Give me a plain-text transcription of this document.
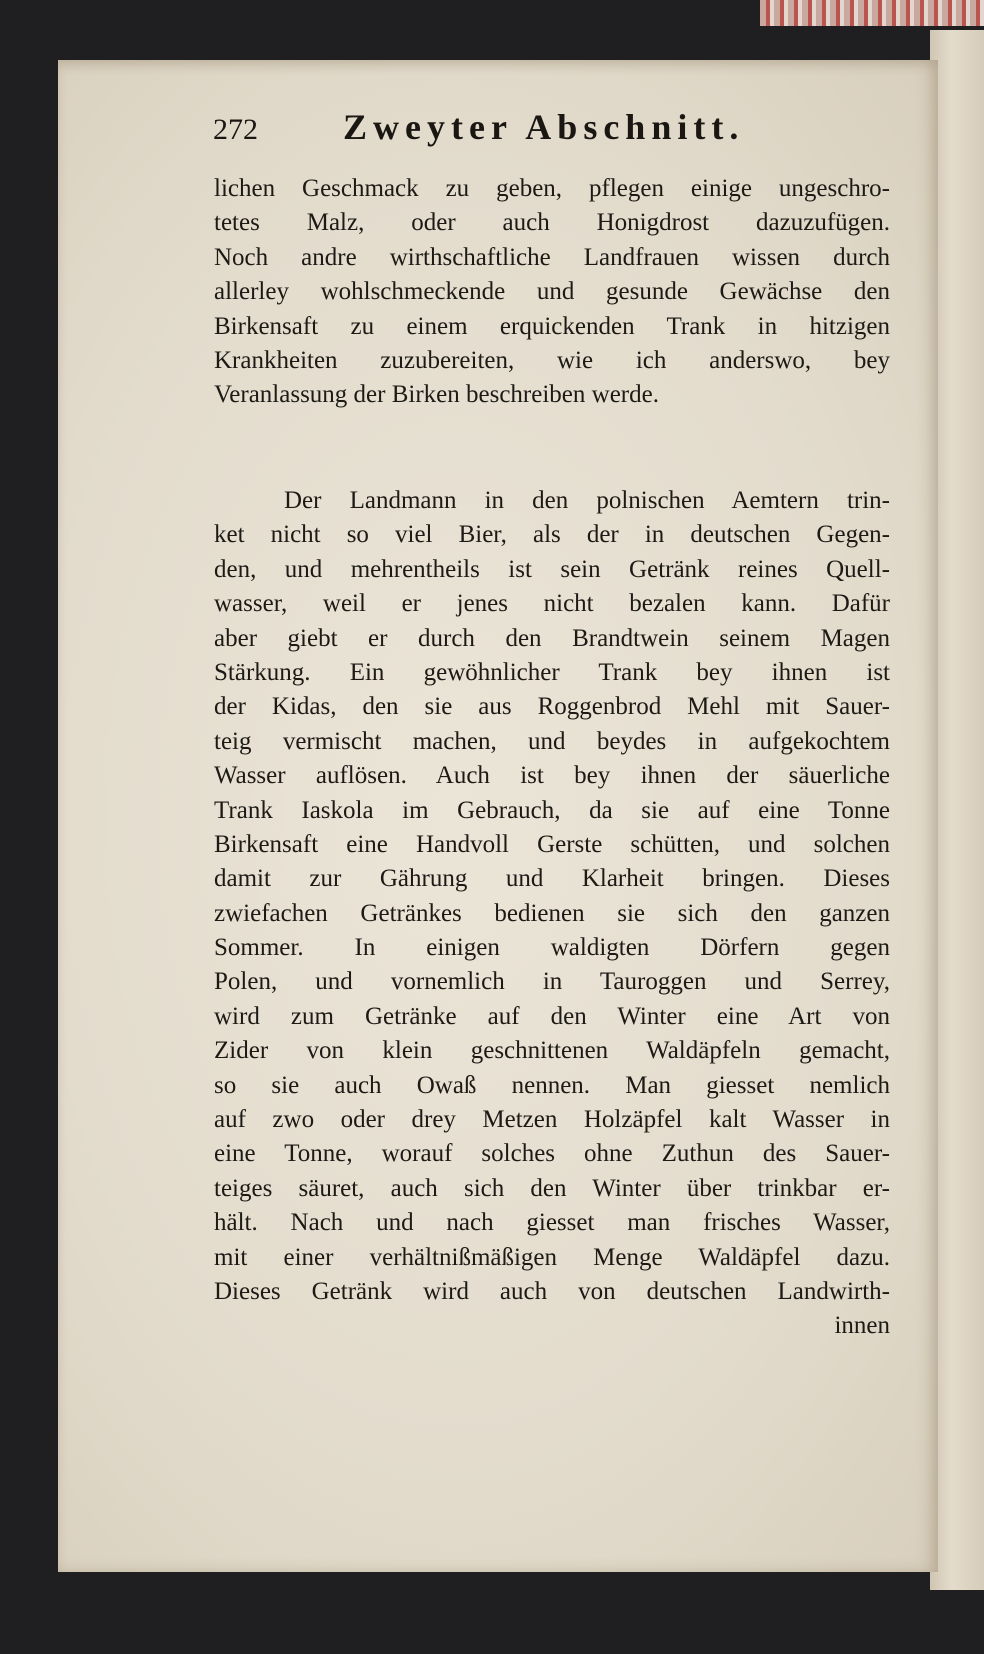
272 Zweyter Abschnitt.
lichen Geschmack zu geben, pflegen einige ungeschro-
tetes Malz, oder auch Honigdrost dazuzufügen.
Noch andre wirthschaftliche Landfrauen wissen durch
allerley wohlschmeckende und gesunde Gewächse den
Birkensaft zu einem erquickenden Trank in hitzigen
Krankheiten zuzubereiten, wie ich anderswo, bey
Veranlassung der Birken beschreiben werde.
Der Landmann in den polnischen Aemtern trin-
ket nicht so viel Bier, als der in deutschen Gegen-
den, und mehrentheils ist sein Getränk reines Quell-
wasser, weil er jenes nicht bezalen kann. Dafür
aber giebt er durch den Brandtwein seinem Magen
Stärkung. Ein gewöhnlicher Trank bey ihnen ist
der Kidas, den sie aus Roggenbrod Mehl mit Sauer-
teig vermischt machen, und beydes in aufgekochtem
Wasser auflösen. Auch ist bey ihnen der säuerliche
Trank Iaskola im Gebrauch, da sie auf eine Tonne
Birkensaft eine Handvoll Gerste schütten, und solchen
damit zur Gährung und Klarheit bringen. Dieses
zwiefachen Getränkes bedienen sie sich den ganzen
Sommer. In einigen waldigten Dörfern gegen
Polen, und vornemlich in Tauroggen und Serrey,
wird zum Getränke auf den Winter eine Art von
Zider von klein geschnittenen Waldäpfeln gemacht,
so sie auch Owaß nennen. Man giesset nemlich
auf zwo oder drey Metzen Holzäpfel kalt Wasser in
eine Tonne, worauf solches ohne Zuthun des Sauer-
teiges säuret, auch sich den Winter über trinkbar er-
hält. Nach und nach giesset man frisches Wasser,
mit einer verhältnißmäßigen Menge Waldäpfel dazu.
Dieses Getränk wird auch von deutschen Landwirth-
innen
